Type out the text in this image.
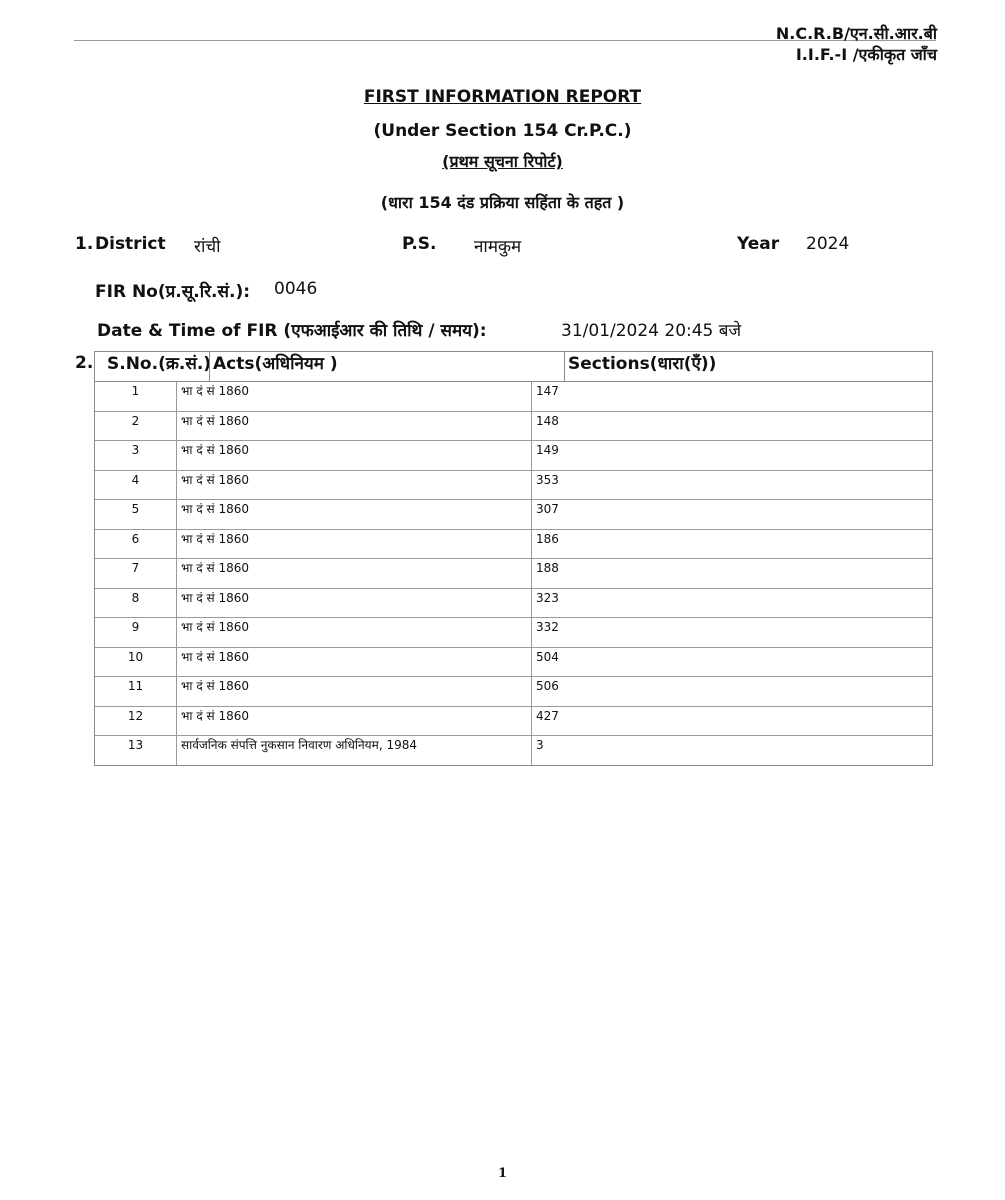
N.C.R.B/एन.सी.आर.बी
I.I.F.-I /एकीकृत जाँच
FIRST INFORMATION REPORT
(Under Section 154 Cr.P.C.)
(प्रथम सूचना रिपोर्ट)
(धारा 154 दंड प्रक्रिया सहिंता के तहत )
1. District रांची	P.S. नामकुम	Year 2024
FIR No(प्र.सू.रि.सं.): 0046
Date & Time of FIR (एफआईआर की तिथि / समय):	31/01/2024 20:45 बजे
2. S.No.(क्र.सं.) Acts(अधिनियम )	Sections(धारा(एँ))
1	भा दं सं 1860	147
2	भा दं सं 1860	148
3	भा दं सं 1860	149
4	भा दं सं 1860	353
5	भा दं सं 1860	307
6	भा दं सं 1860	186
7	भा दं सं 1860	188
8	भा दं सं 1860	323
9	भा दं सं 1860	332
10	भा दं सं 1860	504
11	भा दं सं 1860	506
12	भा दं सं 1860	427
13	सार्वजनिक संपत्ति नुकसान निवारण अधिनियम, 1984	3
1
